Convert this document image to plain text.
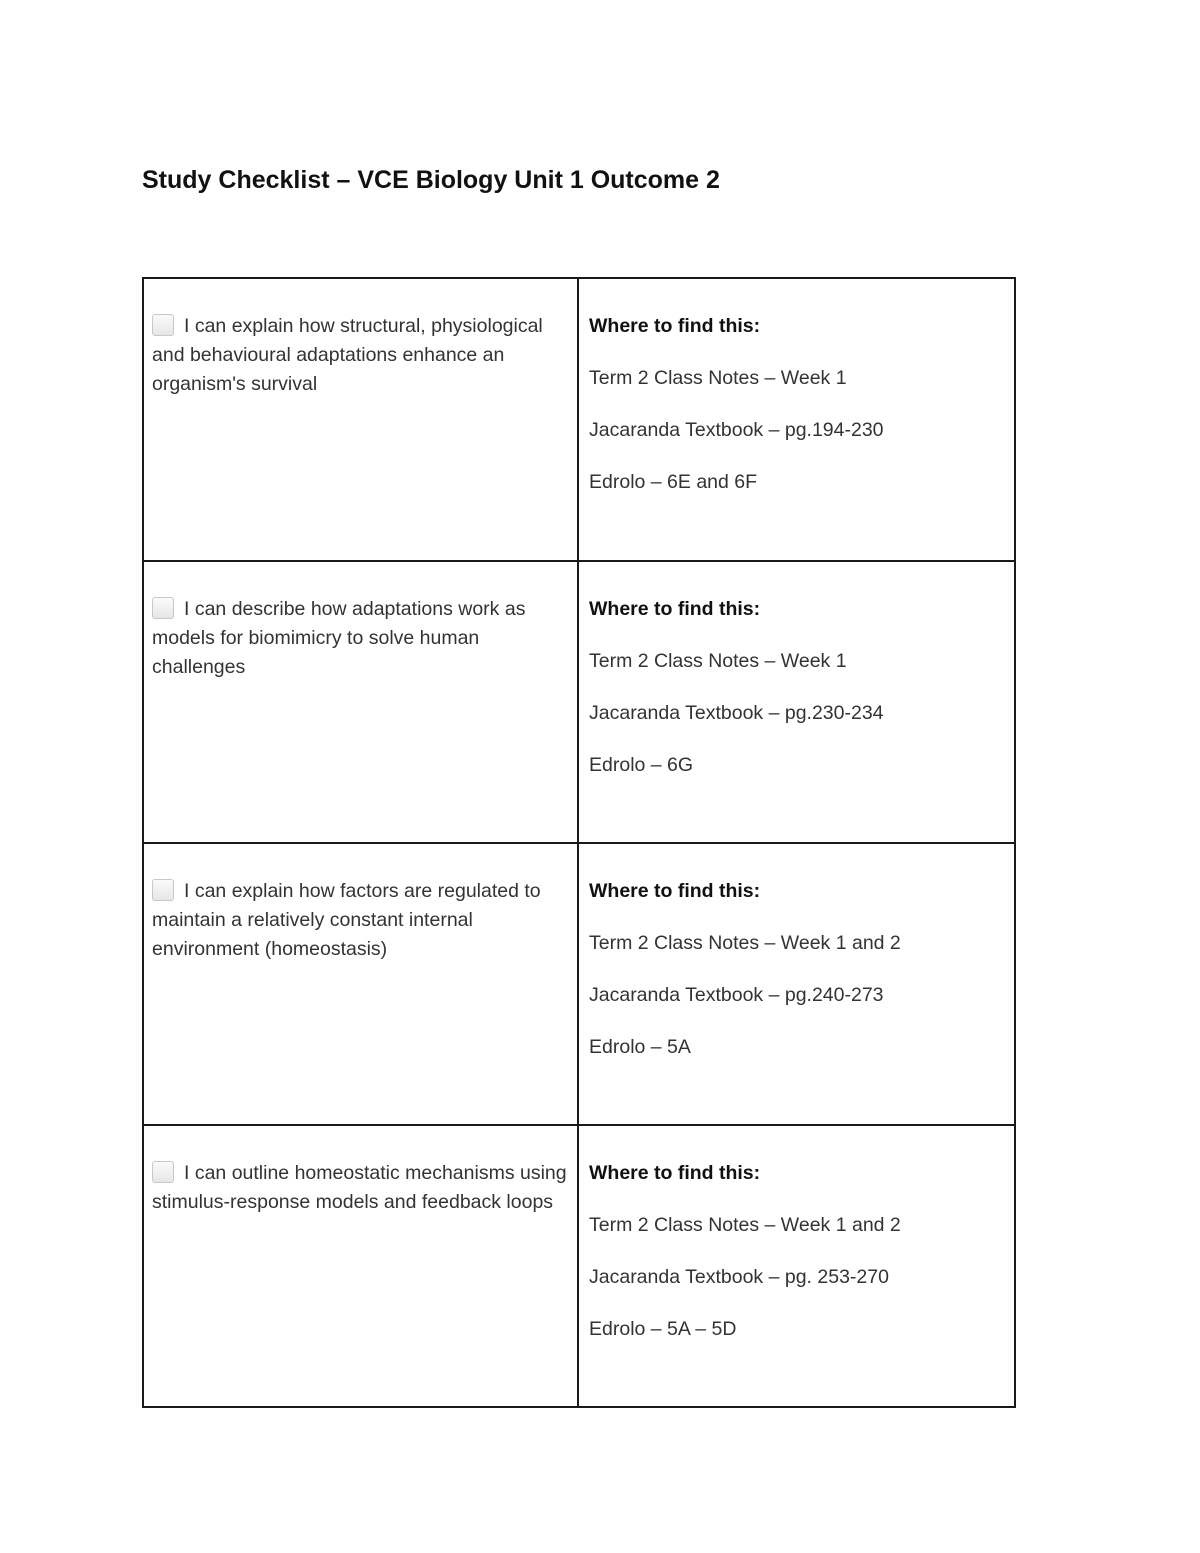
Study Checklist – VCE Biology Unit 1 Outcome 2
I can explain how structural, physiological and behavioural adaptations enhance an organism's survival	Where to find this:
Term 2 Class Notes – Week 1
Jacaranda Textbook – pg.194-230
Edrolo – 6E and 6F

I can describe how adaptations work as models for biomimicry to solve human challenges	Where to find this:
Term 2 Class Notes – Week 1
Jacaranda Textbook – pg.230-234
Edrolo – 6G

I can explain how factors are regulated to maintain a relatively constant internal environment (homeostasis)	Where to find this:
Term 2 Class Notes – Week 1 and 2
Jacaranda Textbook – pg.240-273
Edrolo – 5A

I can outline homeostatic mechanisms using stimulus-response models and feedback loops	Where to find this:
Term 2 Class Notes – Week 1 and 2
Jacaranda Textbook – pg. 253-270
Edrolo – 5A – 5D
